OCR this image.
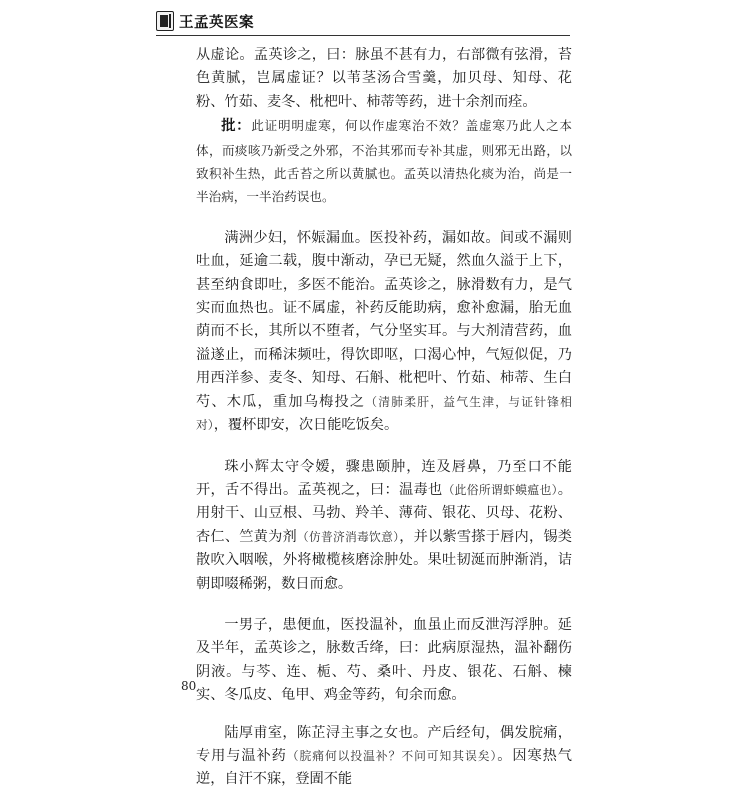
王孟英医案

从虚论。孟英诊之，曰：脉虽不甚有力，右部微有弦滑，苔色黄腻，岂属虚证？以苇茎汤合雪羹，加贝母、知母、花粉、竹茹、麦冬、枇杷叶、柿蒂等药，进十余剂而痊。

批：此证明明虚寒，何以作虚寒治不效？盖虚寒乃此人之本体，而痰咳乃新受之外邪，不治其邪而专补其虚，则邪无出路，以致积补生热，此舌苔之所以黄腻也。孟英以清热化痰为治，尚是一半治病，一半治药误也。

满洲少妇，怀娠漏血。医投补药，漏如故。间或不漏则吐血，延逾二载，腹中渐动，孕已无疑，然血久溢于上下，甚至纳食即吐，多医不能治。孟英诊之，脉滑数有力，是气实而血热也。证不属虚，补药反能助病，愈补愈漏，胎无血荫而不长，其所以不堕者，气分坚实耳。与大剂清营药，血溢遂止，而稀沫频吐，得饮即呕，口渴心忡，气短似促，乃用西洋参、麦冬、知母、石斛、枇杷叶、竹茹、柿蒂、生白芍、木瓜，重加乌梅投之（清肺柔肝，益气生津，与证针锋相对），覆杯即安，次日能吃饭矣。

珠小辉太守令嫒，骤患颐肿，连及唇鼻，乃至口不能开，舌不得出。孟英视之，曰：温毒也（此俗所谓虾蟆瘟也）。用射干、山豆根、马勃、羚羊、薄荷、银花、贝母、花粉、杏仁、竺黄为剂（仿普济消毒饮意），并以紫雪搽于唇内，锡类散吹入咽喉，外将橄榄核磨涂肿处。果吐韧涎而肿渐消，诘朝即啜稀粥，数日而愈。

一男子，患便血，医投温补，血虽止而反泄泻浮肿。延及半年，孟英诊之，脉数舌绛，曰：此病原湿热，温补翻伤阴液。与芩、连、栀、芍、桑叶、丹皮、银花、石斛、楝实、冬瓜皮、龟甲、鸡金等药，旬余而愈。

陆厚甫室，陈芷浔主事之女也。产后经旬，偶发脘痛，专用与温补药（脘痛何以投温补？不问可知其误矣）。因寒热气逆，自汗不寐，登圊不能

80
